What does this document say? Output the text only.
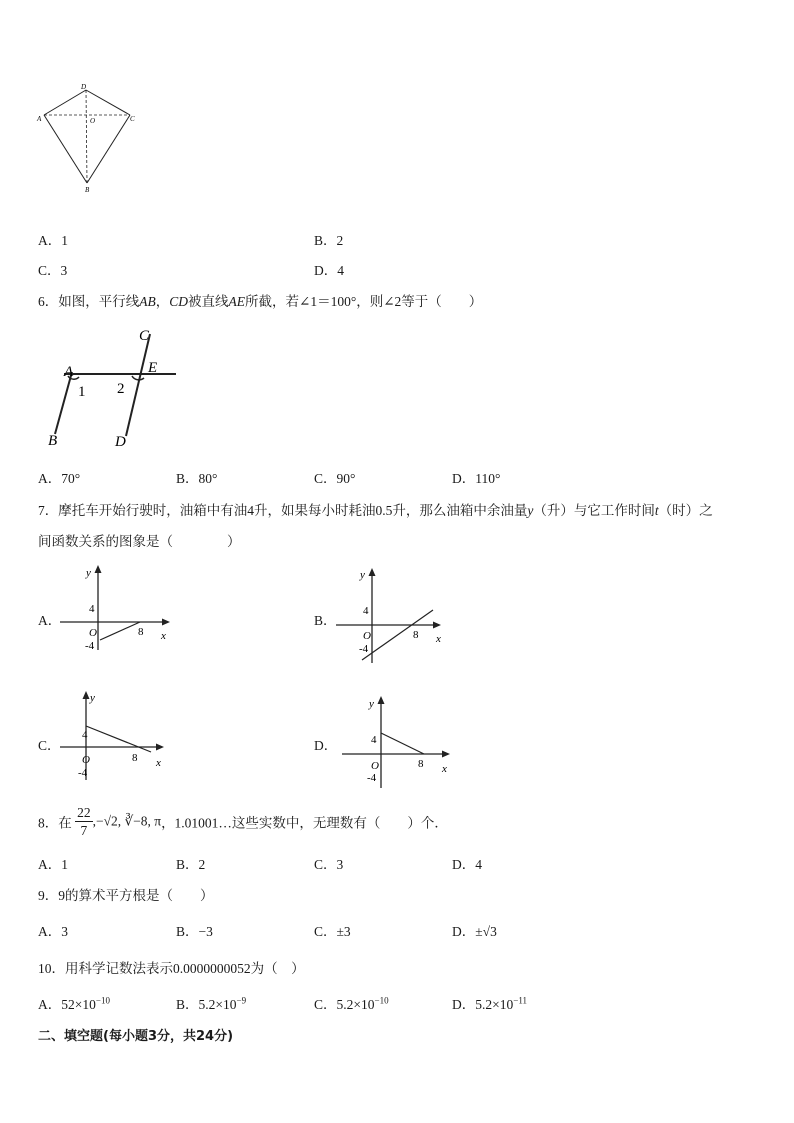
D
A	O	C
B
A．1	B．2
C．3	D．4
6．如图，平行线AB，CD被直线AE所截，若∠1＝100°，则∠2等于（　　）
C
A	E
1 2
B	D
A．70°	B．80°	C．90°	D．110°
7．摩托车开始行驶时，油箱中有油4升，如果每小时耗油0.5升，那么油箱中余油量y（升）与它工作时间t（时）之
间函数关系的图象是（　　　　）
A．
y
4
O
-4
8 x
B．
y
4
O
-4
8 x
C．
y
4
O
-4
8 x
D．
y
4
O
-4
8 x
8．在 $\frac{22}{7} ,-√2$, ∛−8, π，1.01001…这些实数中，无理数有（　　）个．
A．1	B．2	C．3	D．4
9．9的算术平方根是（　　）
A．3	B．−3	C．±3	D．±√3
10．用科学记数法表示0.0000000052为（　）
A．$52\times 10^{-10}$	B．$5.2\times 10^{-9}$	C．$5.2\times 10^{-10}$	D．$5.2\times 10^{-11}$
二、填空题(每小题3分，共24分)
